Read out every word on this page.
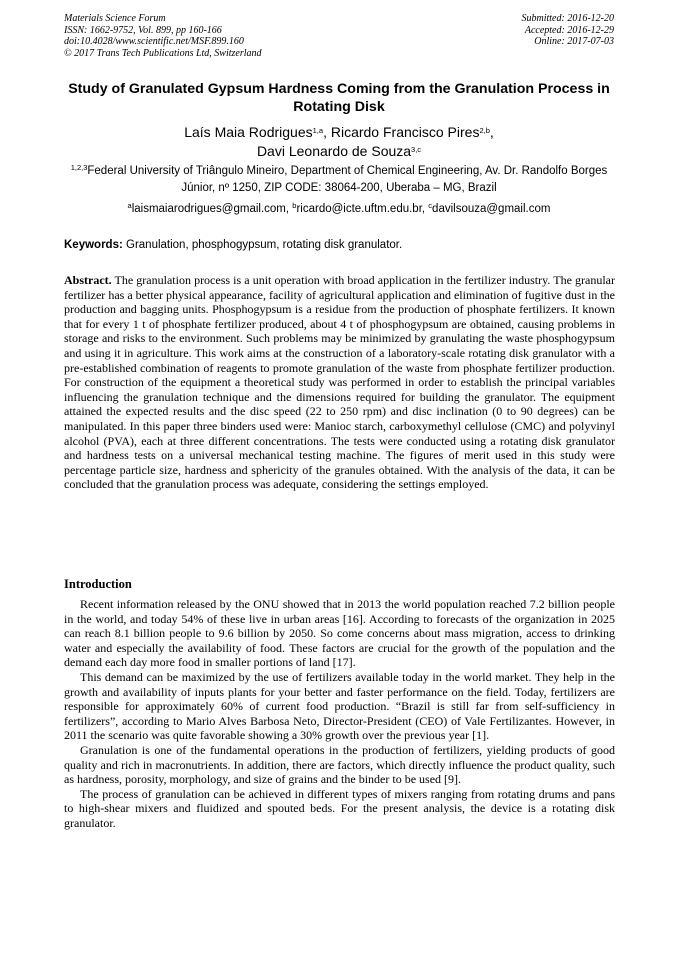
Materials Science Forum
ISSN: 1662-9752, Vol. 899, pp 160-166
doi:10.4028/www.scientific.net/MSF.899.160
© 2017 Trans Tech Publications Ltd, Switzerland
Submitted: 2016-12-20
Accepted: 2016-12-29
Online: 2017-07-03
Study of Granulated Gypsum Hardness Coming from the Granulation Process in Rotating Disk
Laís Maia Rodrigues$^{1,a}$, Ricardo Francisco Pires$^{2,b}$,
Davi Leonardo de Souza$^{3,c}$
$^{1,2,3}$Federal University of Triângulo Mineiro, Department of Chemical Engineering, Av. Dr. Randolfo Borges Júnior, nº 1250, ZIP CODE: 38064-200, Uberaba – MG, Brazil
$^a$laismaiarodrigues@gmail.com, $^b$ricardo@icte.uftm.edu.br, $^c$davilsouza@gmail.com
Keywords: Granulation, phosphogypsum, rotating disk granulator.

Abstract. The granulation process is a unit operation with broad application in the fertilizer industry. The granular fertilizer has a better physical appearance, facility of agricultural application and elimination of fugitive dust in the production and bagging units. Phosphogypsum is a residue from the production of phosphate fertilizers. It known that for every 1 t of phosphate fertilizer produced, about 4 t of phosphogypsum are obtained, causing problems in storage and risks to the environment. Such problems may be minimized by granulating the waste phosphogypsum and using it in agriculture. This work aims at the construction of a laboratory-scale rotating disk granulator with a pre-established combination of reagents to promote granulation of the waste from phosphate fertilizer production. For construction of the equipment a theoretical study was performed in order to establish the principal variables influencing the granulation technique and the dimensions required for building the granulator. The equipment attained the expected results and the disc speed (22 to 250 rpm) and disc inclination (0 to 90 degrees) can be manipulated. In this paper three binders used were: Manioc starch, carboxymethyl cellulose (CMC) and polyvinyl alcohol (PVA), each at three different concentrations. The tests were conducted using a rotating disk granulator and hardness tests on a universal mechanical testing machine. The figures of merit used in this study were percentage particle size, hardness and sphericity of the granules obtained. With the analysis of the data, it can be concluded that the granulation process was adequate, considering the settings employed.

Introduction

Recent information released by the ONU showed that in 2013 the world population reached 7.2 billion people in the world, and today 54% of these live in urban areas [16]. According to forecasts of the organization in 2025 can reach 8.1 billion people to 9.6 billion by 2050. So come concerns about mass migration, access to drinking water and especially the availability of food. These factors are crucial for the growth of the population and the demand each day more food in smaller portions of land [17].

This demand can be maximized by the use of fertilizers available today in the world market. They help in the growth and availability of inputs plants for your better and faster performance on the field. Today, fertilizers are responsible for approximately 60% of current food production. “Brazil is still far from self-sufficiency in fertilizers”, according to Mario Alves Barbosa Neto, Director-President (CEO) of Vale Fertilizantes. However, in 2011 the scenario was quite favorable showing a 30% growth over the previous year [1].

Granulation is one of the fundamental operations in the production of fertilizers, yielding products of good quality and rich in macronutrients. In addition, there are factors, which directly influence the product quality, such as hardness, porosity, morphology, and size of grains and the binder to be used [9].

The process of granulation can be achieved in different types of mixers ranging from rotating drums and pans to high-shear mixers and fluidized and spouted beds. For the present analysis, the device is a rotating disk granulator.
